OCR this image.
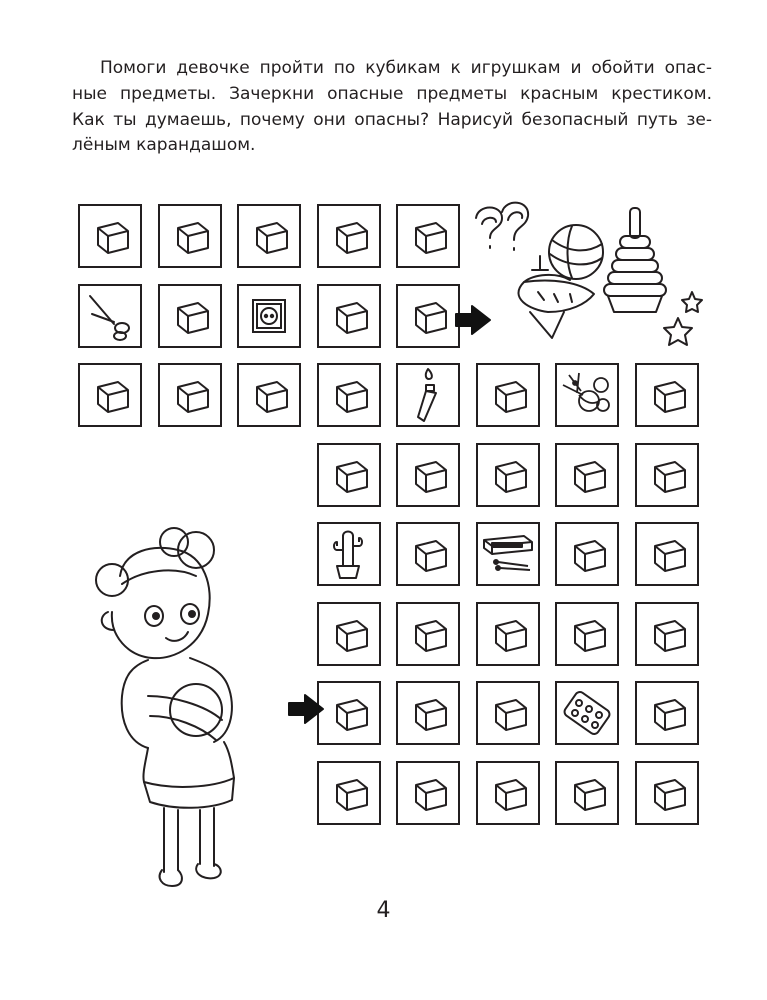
Помоги девочке пройти по кубикам к игрушкам и обойти опас-
ные предметы. Зачеркни опасные предметы красным крестиком.
Как ты думаешь, почему они опасны? Нарисуй безопасный путь зе-
лёным карандашом.
4
